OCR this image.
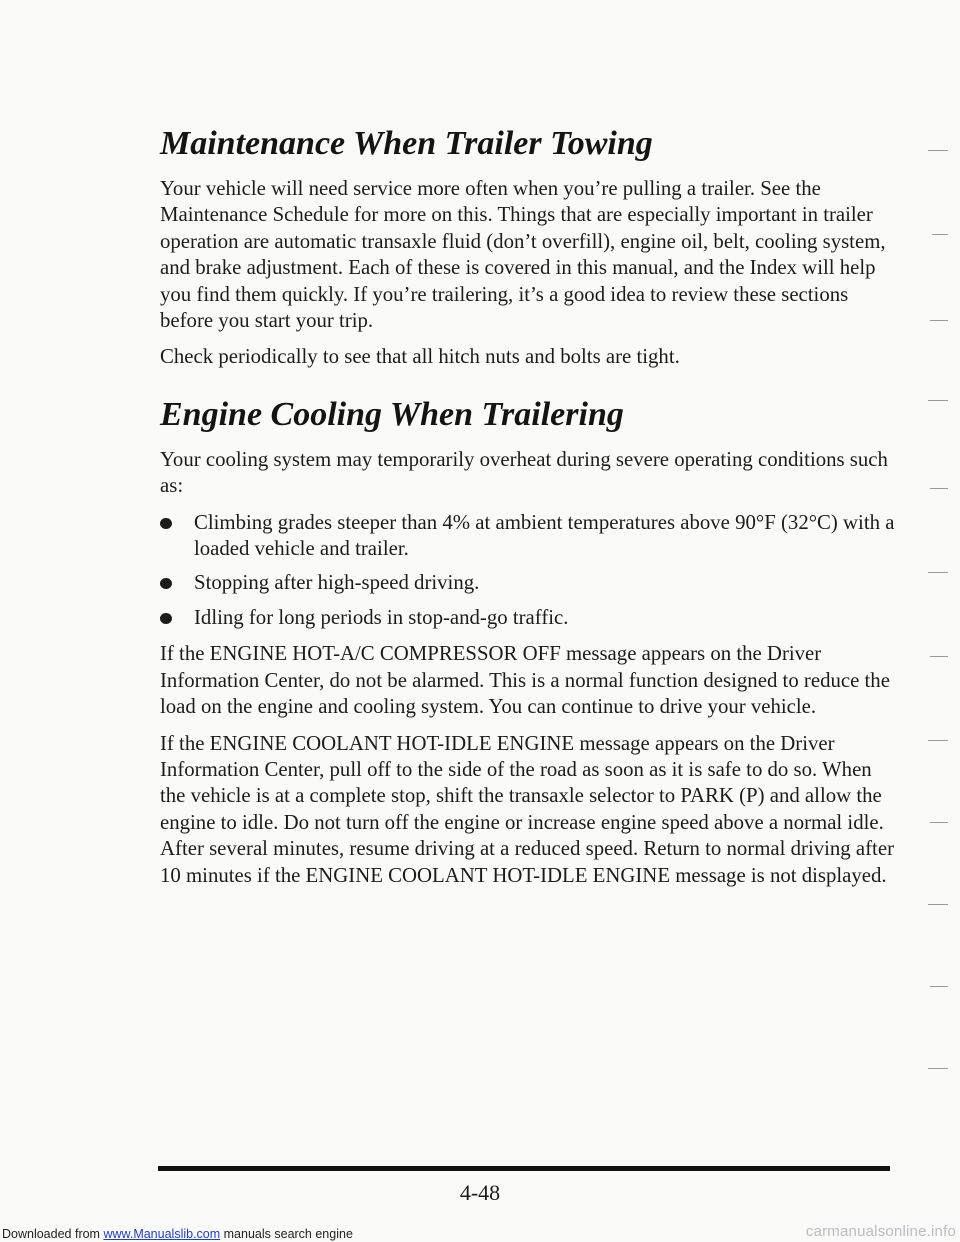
Maintenance When Trailer Towing

Your vehicle will need service more often when you’re pulling a trailer. See the Maintenance Schedule for more on this. Things that are especially important in trailer operation are automatic transaxle fluid (don’t overfill), engine oil, belt, cooling system, and brake adjustment. Each of these is covered in this manual, and the Index will help you find them quickly. If you’re trailering, it’s a good idea to review these sections before you start your trip.

Check periodically to see that all hitch nuts and bolts are tight.

Engine Cooling When Trailering

Your cooling system may temporarily overheat during severe operating conditions such as:

Climbing grades steeper than 4% at ambient temperatures above 90°F (32°C) with a loaded vehicle and trailer.
Stopping after high-speed driving.
Idling for long periods in stop-and-go traffic.

If the ENGINE HOT-A/C COMPRESSOR OFF message appears on the Driver Information Center, do not be alarmed. This is a normal function designed to reduce the load on the engine and cooling system. You can continue to drive your vehicle.

If the ENGINE COOLANT HOT-IDLE ENGINE message appears on the Driver Information Center, pull off to the side of the road as soon as it is safe to do so. When the vehicle is at a complete stop, shift the transaxle selector to PARK (P) and allow the engine to idle. Do not turn off the engine or increase engine speed above a normal idle. After several minutes, resume driving at a reduced speed. Return to normal driving after 10 minutes if the ENGINE COOLANT HOT-IDLE ENGINE message is not displayed.

4-48
Downloaded from www.Manualslib.com manuals search engine	carmanualsonline.info
